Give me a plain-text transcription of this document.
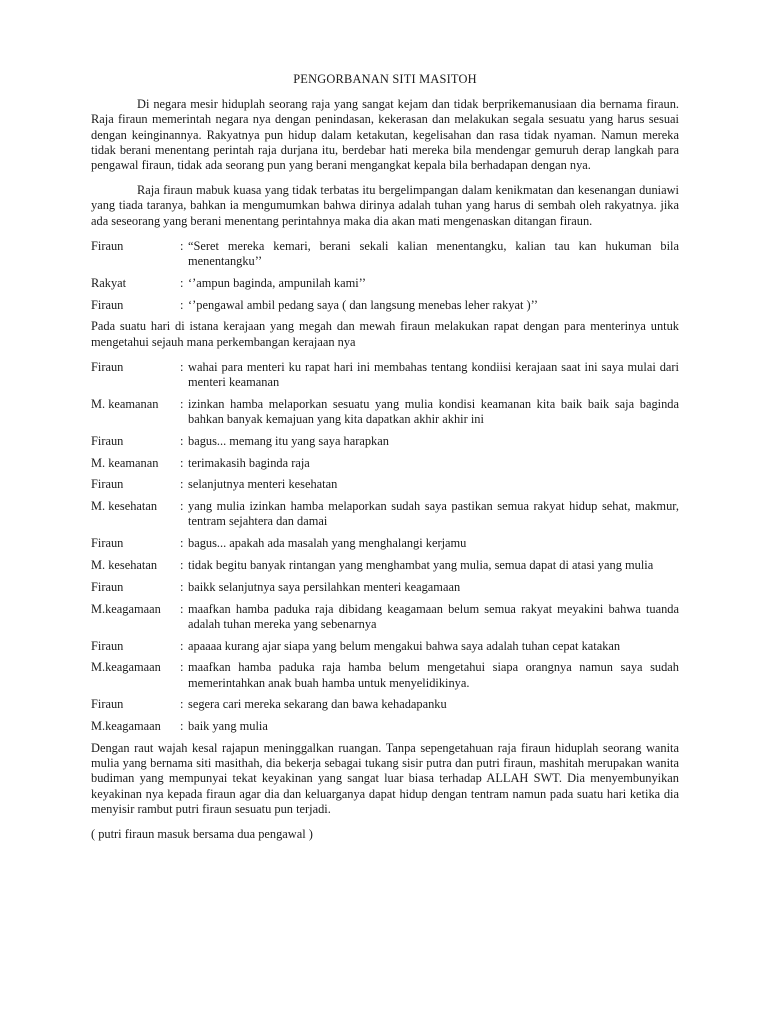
PENGORBANAN SITI MASITOH

Di negara mesir hiduplah seorang raja yang sangat kejam dan tidak berprikemanusiaan dia bernama firaun. Raja firaun memerintah negara nya dengan penindasan, kekerasan dan melakukan segala sesuatu yang harus sesuai dengan keinginannya. Rakyatnya pun hidup dalam ketakutan, kegelisahan dan rasa tidak nyaman. Namun mereka tidak berani menentang perintah raja durjana itu, berdebar hati mereka bila mendengar gemuruh derap langkah para pengawal firaun, tidak ada seorang pun yang berani mengangkat kepala bila berhadapan dengan nya.

Raja firaun mabuk kuasa yang tidak terbatas itu bergelimpangan dalam kenikmatan dan kesenangan duniawi yang tiada taranya, bahkan ia mengumumkan bahwa dirinya adalah tuhan yang harus di sembah oleh rakyatnya. jika ada seseorang yang berani menentang perintahnya maka dia akan mati mengenaskan ditangan firaun.

Firaun	: “Seret mereka kemari, berani sekali kalian menentangku, kalian tau kan hukuman bila menentangku’’
Rakyat	: ‘’ampun baginda, ampunilah kami’’
Firaun	: ‘’pengawal ambil pedang saya ( dan langsung menebas leher rakyat )’’

Pada suatu hari di istana kerajaan yang megah dan mewah firaun melakukan rapat dengan para menterinya untuk mengetahui sejauh mana perkembangan kerajaan nya

Firaun	: wahai para menteri ku rapat hari ini membahas tentang kondiisi kerajaan saat ini saya mulai dari menteri keamanan
M. keamanan	: izinkan hamba melaporkan sesuatu yang mulia kondisi keamanan kita baik baik saja baginda bahkan banyak kemajuan yang kita dapatkan akhir akhir ini
Firaun	: bagus... memang itu yang saya harapkan
M. keamanan	: terimakasih baginda raja
Firaun	: selanjutnya menteri kesehatan
M. kesehatan	: yang mulia izinkan hamba melaporkan sudah saya pastikan semua rakyat hidup sehat, makmur, tentram sejahtera dan damai
Firaun	: bagus... apakah ada masalah yang menghalangi kerjamu
M. kesehatan	: tidak begitu banyak rintangan yang menghambat yang mulia, semua dapat di atasi yang mulia
Firaun	: baikk selanjutnya saya persilahkan menteri keagamaan
M.keagamaan	: maafkan hamba paduka raja dibidang keagamaan belum semua rakyat meyakini bahwa tuanda adalah tuhan mereka yang sebenarnya
Firaun	: apaaaa kurang ajar siapa yang belum mengakui bahwa saya adalah tuhan cepat katakan
M.keagamaan	: maafkan hamba paduka raja hamba belum mengetahui siapa orangnya namun saya sudah memerintahkan anak buah hamba untuk menyelidikinya.
Firaun	: segera cari mereka sekarang dan bawa kehadapanku
M.keagamaan	: baik yang mulia

Dengan raut wajah kesal rajapun meninggalkan ruangan. Tanpa sepengetahuan raja firaun hiduplah seorang wanita mulia yang bernama siti masithah, dia bekerja sebagai tukang sisir putra dan putri firaun, mashitah merupakan wanita budiman yang mempunyai tekat keyakinan yang sangat luar biasa terhadap ALLAH SWT. Dia menyembunyikan keyakinan nya kepada firaun agar dia dan keluarganya dapat hidup dengan tentram namun pada suatu hari ketika dia menyisir rambut putri firaun sesuatu pun terjadi.

( putri firaun masuk bersama dua pengawal )
